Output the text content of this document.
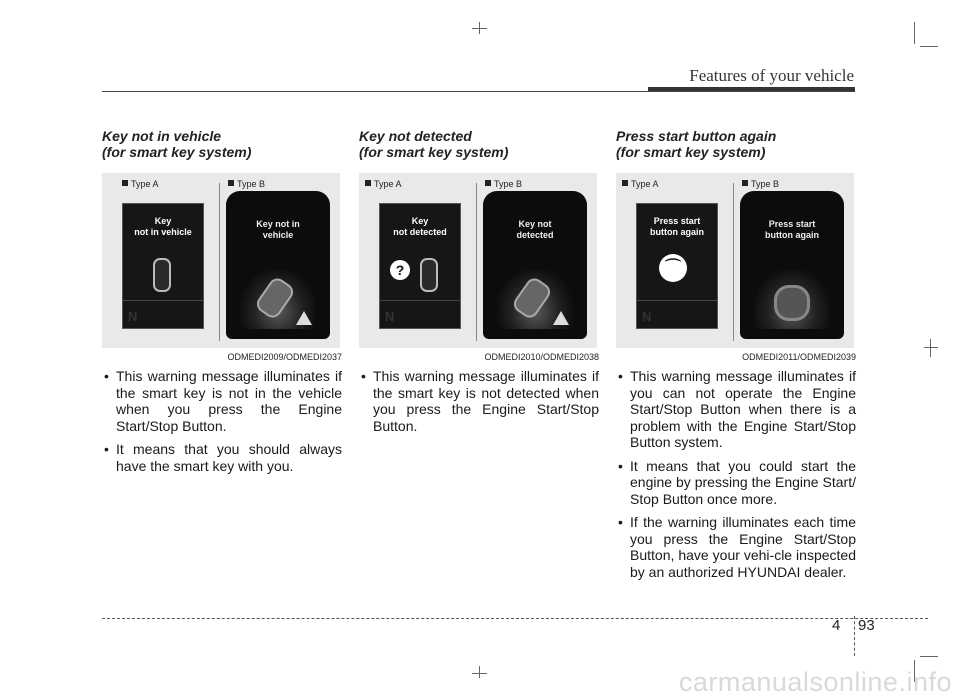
Features of your vehicle
Key not in vehicle
(for smart key system)
Type A	Type B
Key
not in vehicle
N
Key not in
vehicle
ODMEDI2009/ODMEDI2037
• This warning message illuminates if the smart key is not in the vehicle when you press the Engine Start/Stop Button.
• It means that you should always have the smart key with you.
Key not detected
(for smart key system)
Type A	Type B
Key
not detected
?
N
Key not
detected
ODMEDI2010/ODMEDI2038
• This warning message illuminates if the smart key is not detected when you press the Engine Start/Stop Button.
Press start button again
(for smart key system)
Type A	Type B
Press start
button again
⌒
N
Press start
button again
ODMEDI2011/ODMEDI2039
• This warning message illuminates if you can not operate the Engine Start/Stop Button when there is a problem with the Engine Start/Stop Button system.
• It means that you could start the engine by pressing the Engine Start/ Stop Button once more.
• If the warning illuminates each time you press the Engine Start/Stop Button, have your vehi-cle inspected by an authorized HYUNDAI dealer.
4 93
carmanualsonline.info
